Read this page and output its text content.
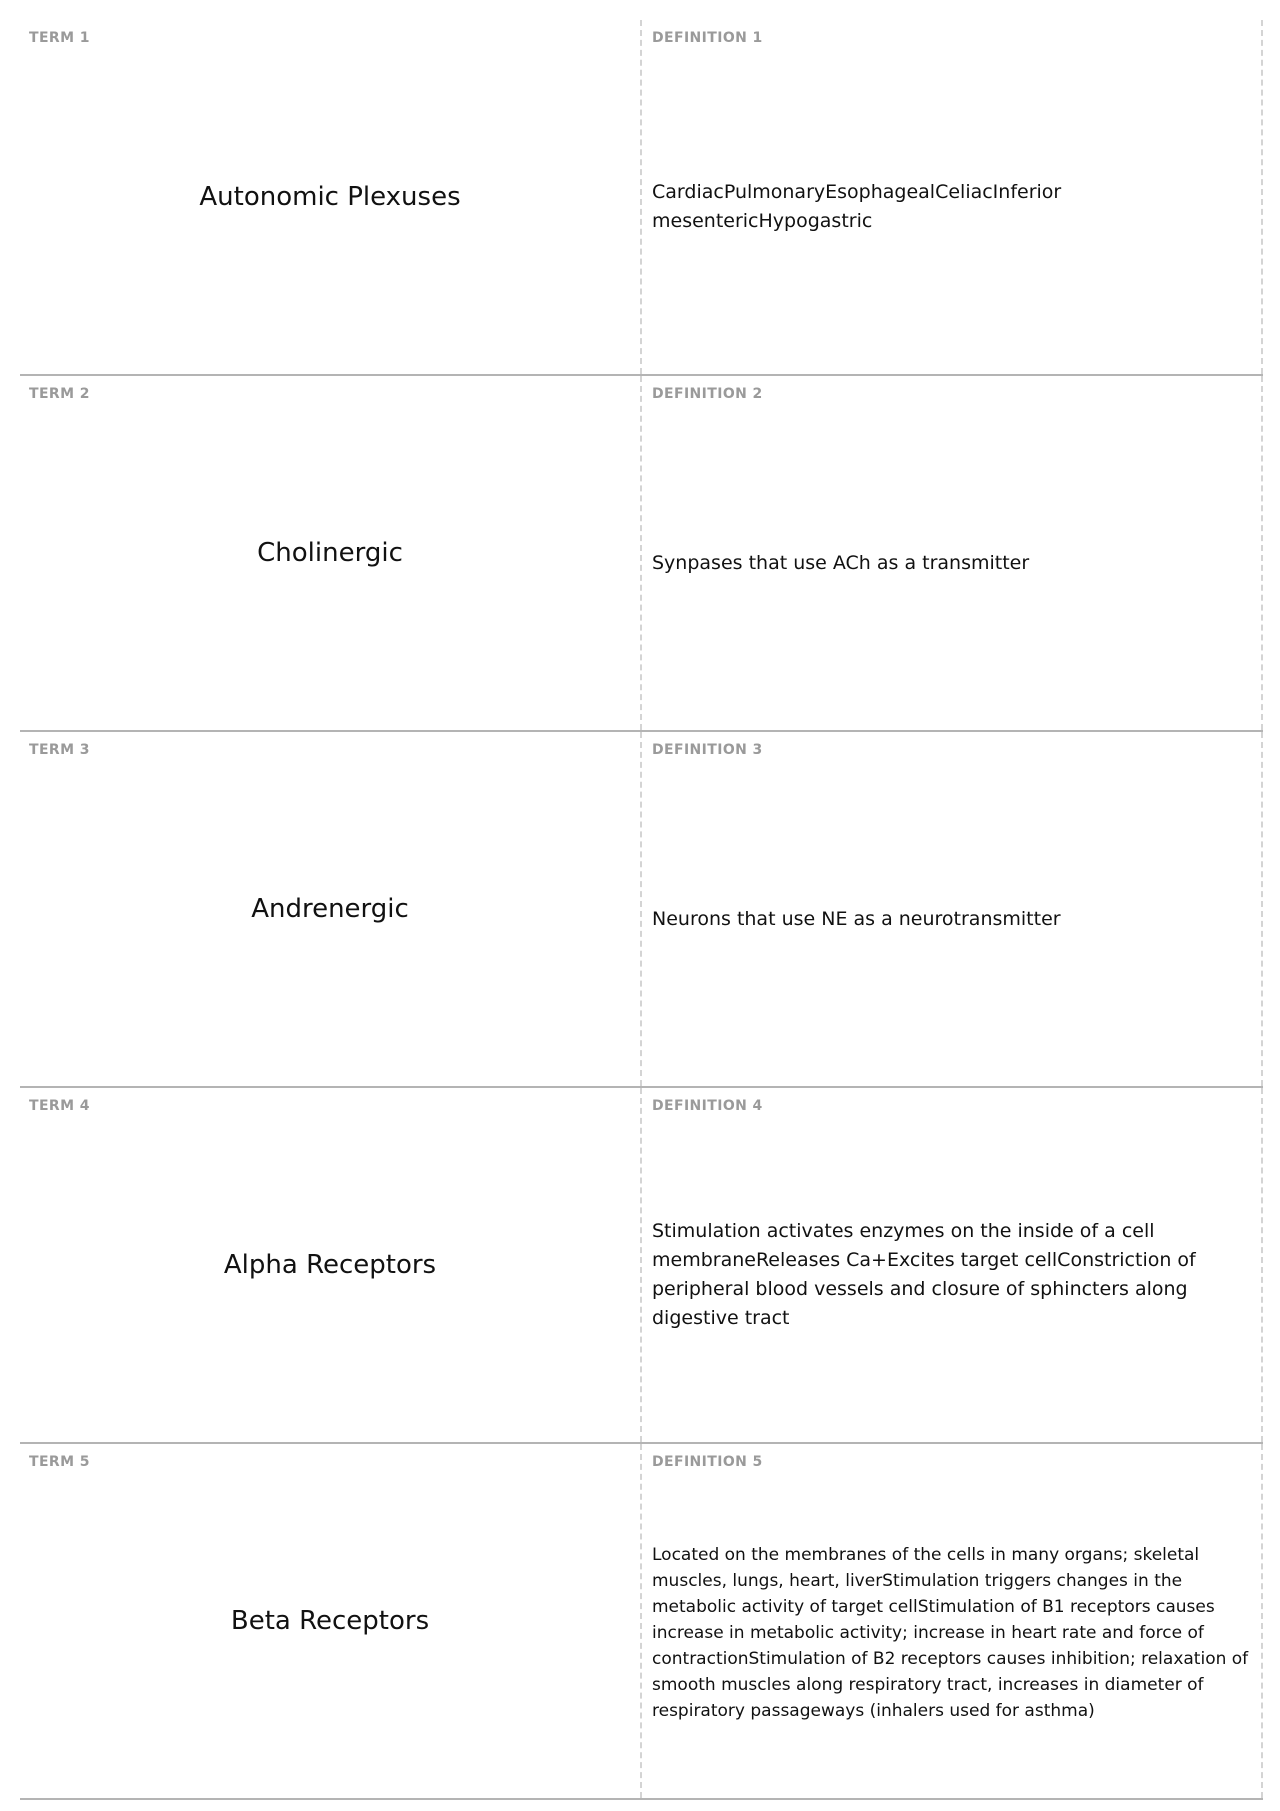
TERM 1
Autonomic Plexuses
DEFINITION 1
CardiacPulmonaryEsophagealCeliacInferior mesentericHypogastric
TERM 2
Cholinergic
DEFINITION 2
Synpases that use ACh as a transmitter
TERM 3
Andrenergic
DEFINITION 3
Neurons that use NE as a neurotransmitter
TERM 4
Alpha Receptors
DEFINITION 4
Stimulation activates enzymes on the inside of a cell membraneReleases Ca+Excites target cellConstriction of peripheral blood vessels and closure of sphincters along digestive tract
TERM 5
Beta Receptors
DEFINITION 5
Located on the membranes of the cells in many organs; skeletal muscles, lungs, heart, liverStimulation triggers changes in the metabolic activity of target cellStimulation of B1 receptors causes increase in metabolic activity; increase in heart rate and force of contractionStimulation of B2 receptors causes inhibition; relaxation of smooth muscles along respiratory tract, increases in diameter of respiratory passageways (inhalers used for asthma)
